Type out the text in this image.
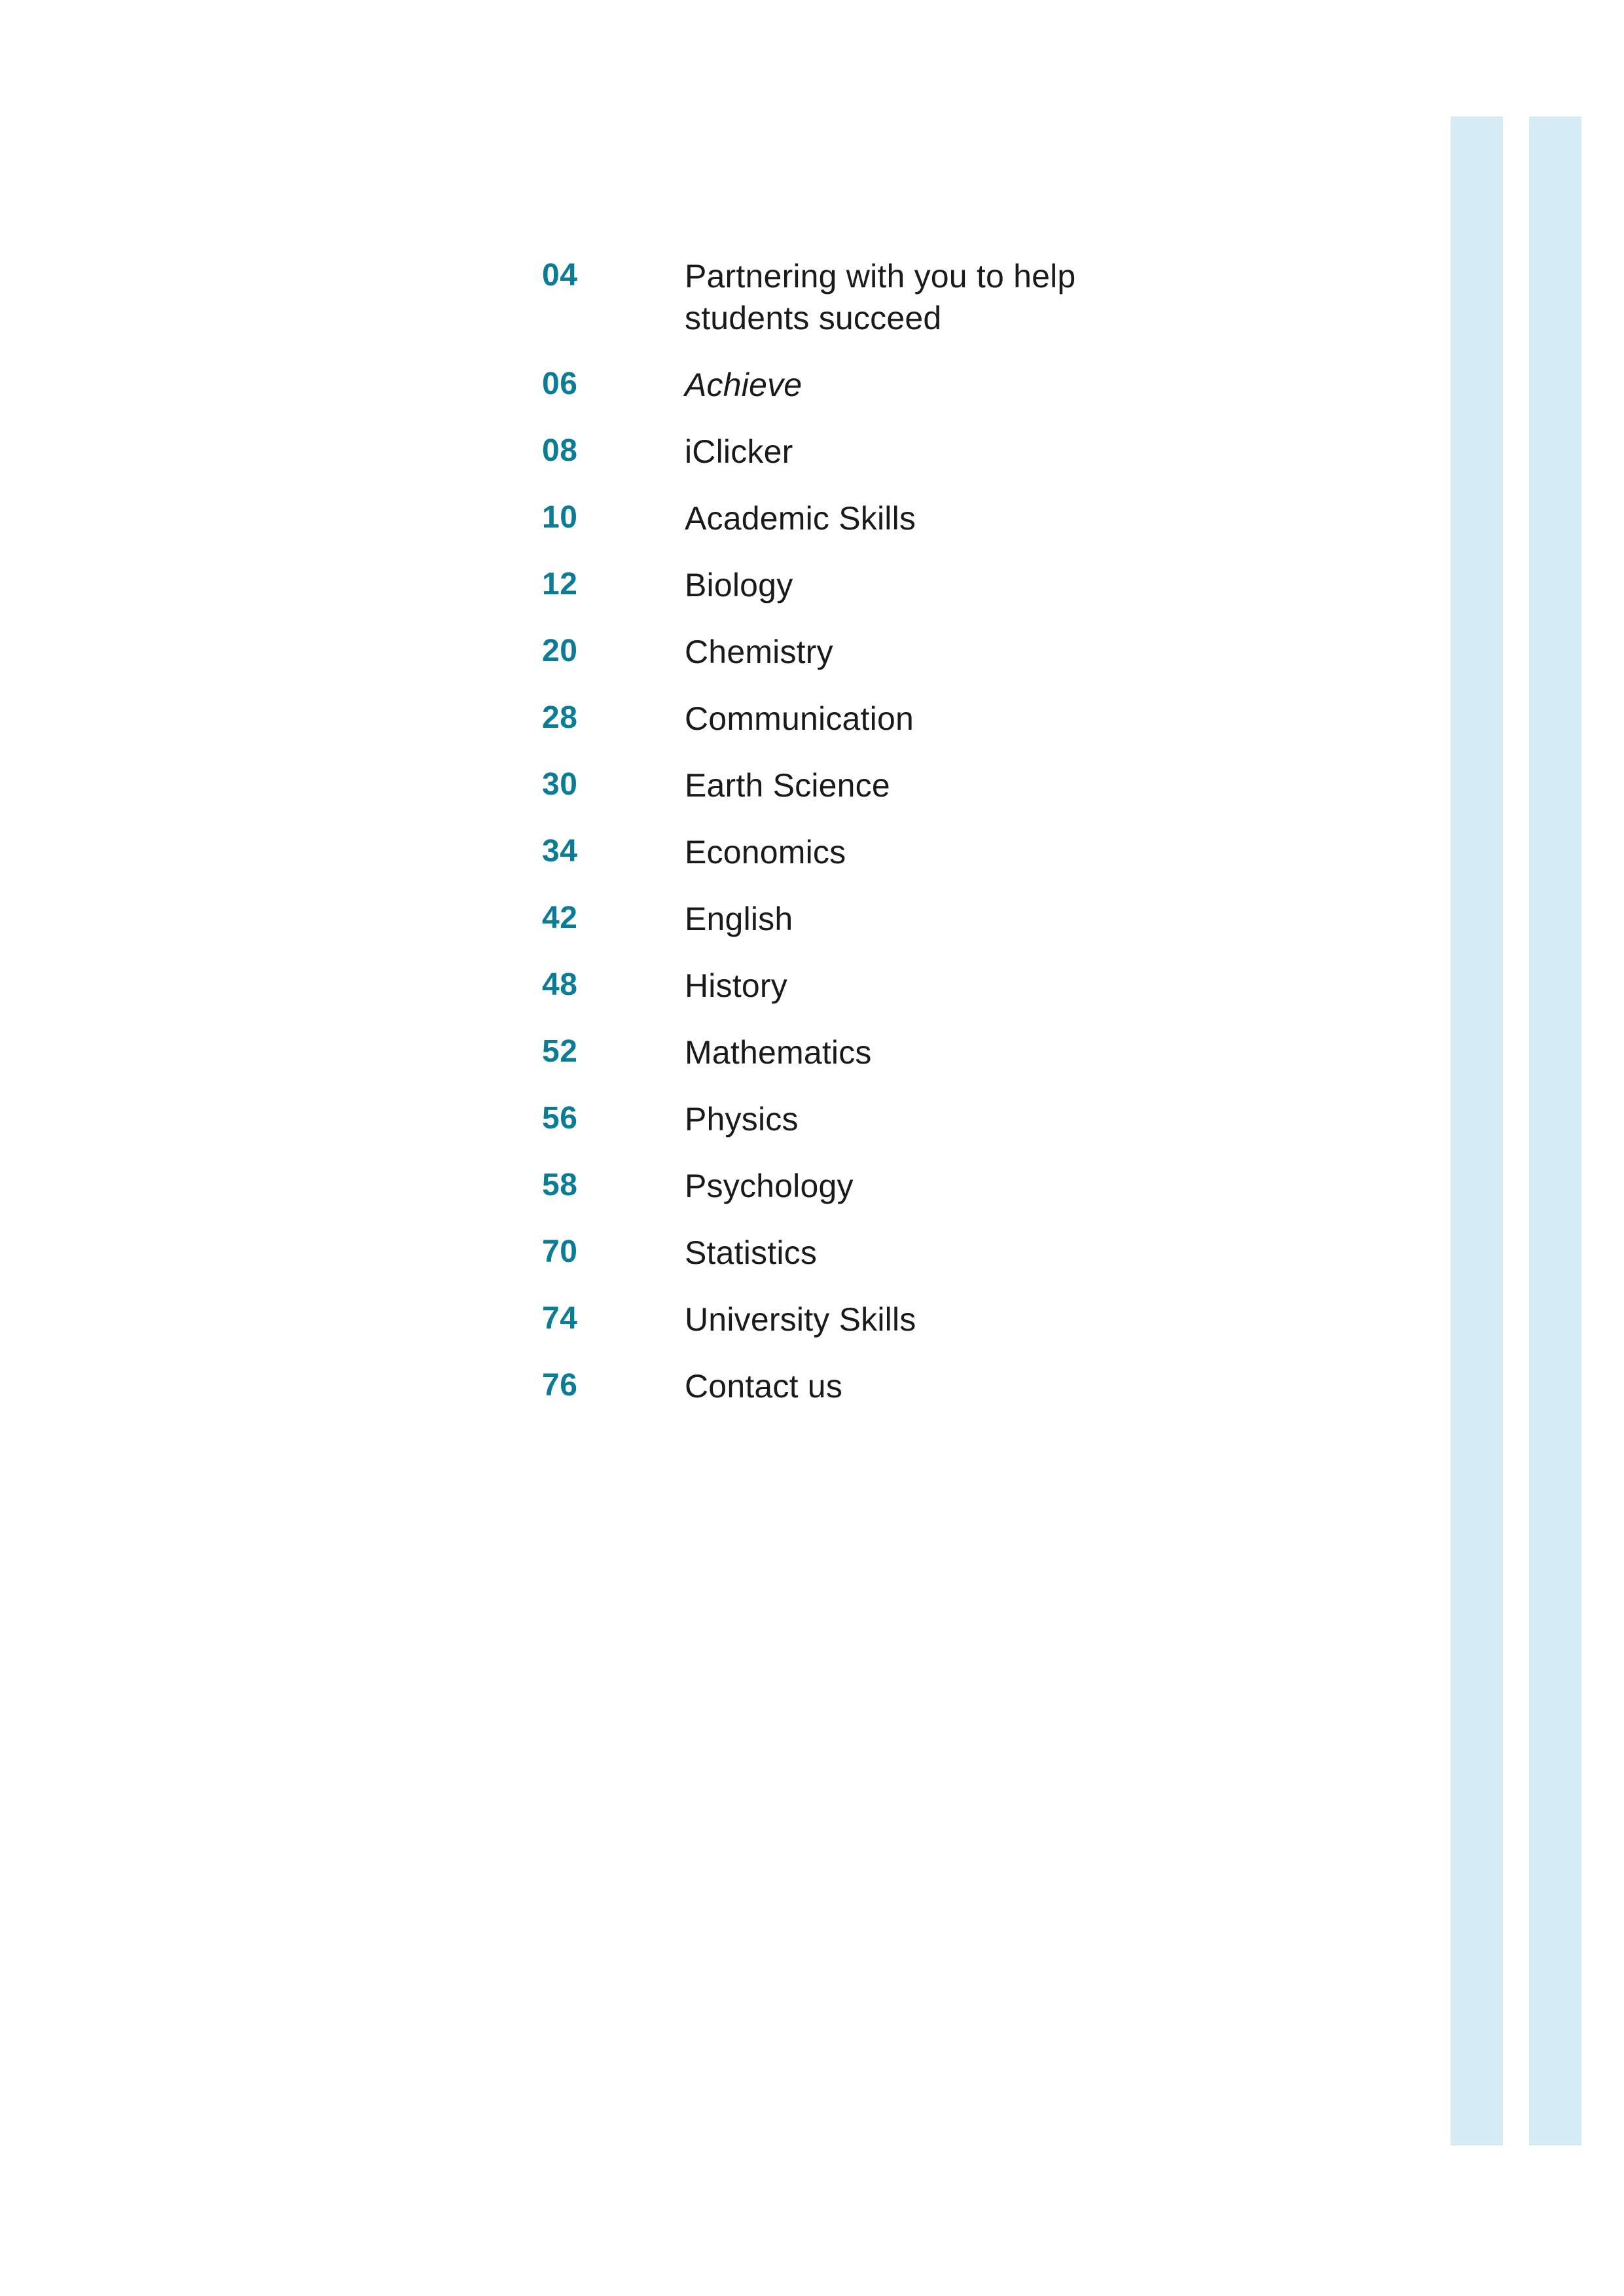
04	Partnering with you to help students succeed
06	Achieve
08	iClicker
10	Academic Skills
12	Biology
20	Chemistry
28	Communication
30	Earth Science
34	Economics
42	English
48	History
52	Mathematics
56	Physics
58	Psychology
70	Statistics
74	University Skills
76	Contact us
